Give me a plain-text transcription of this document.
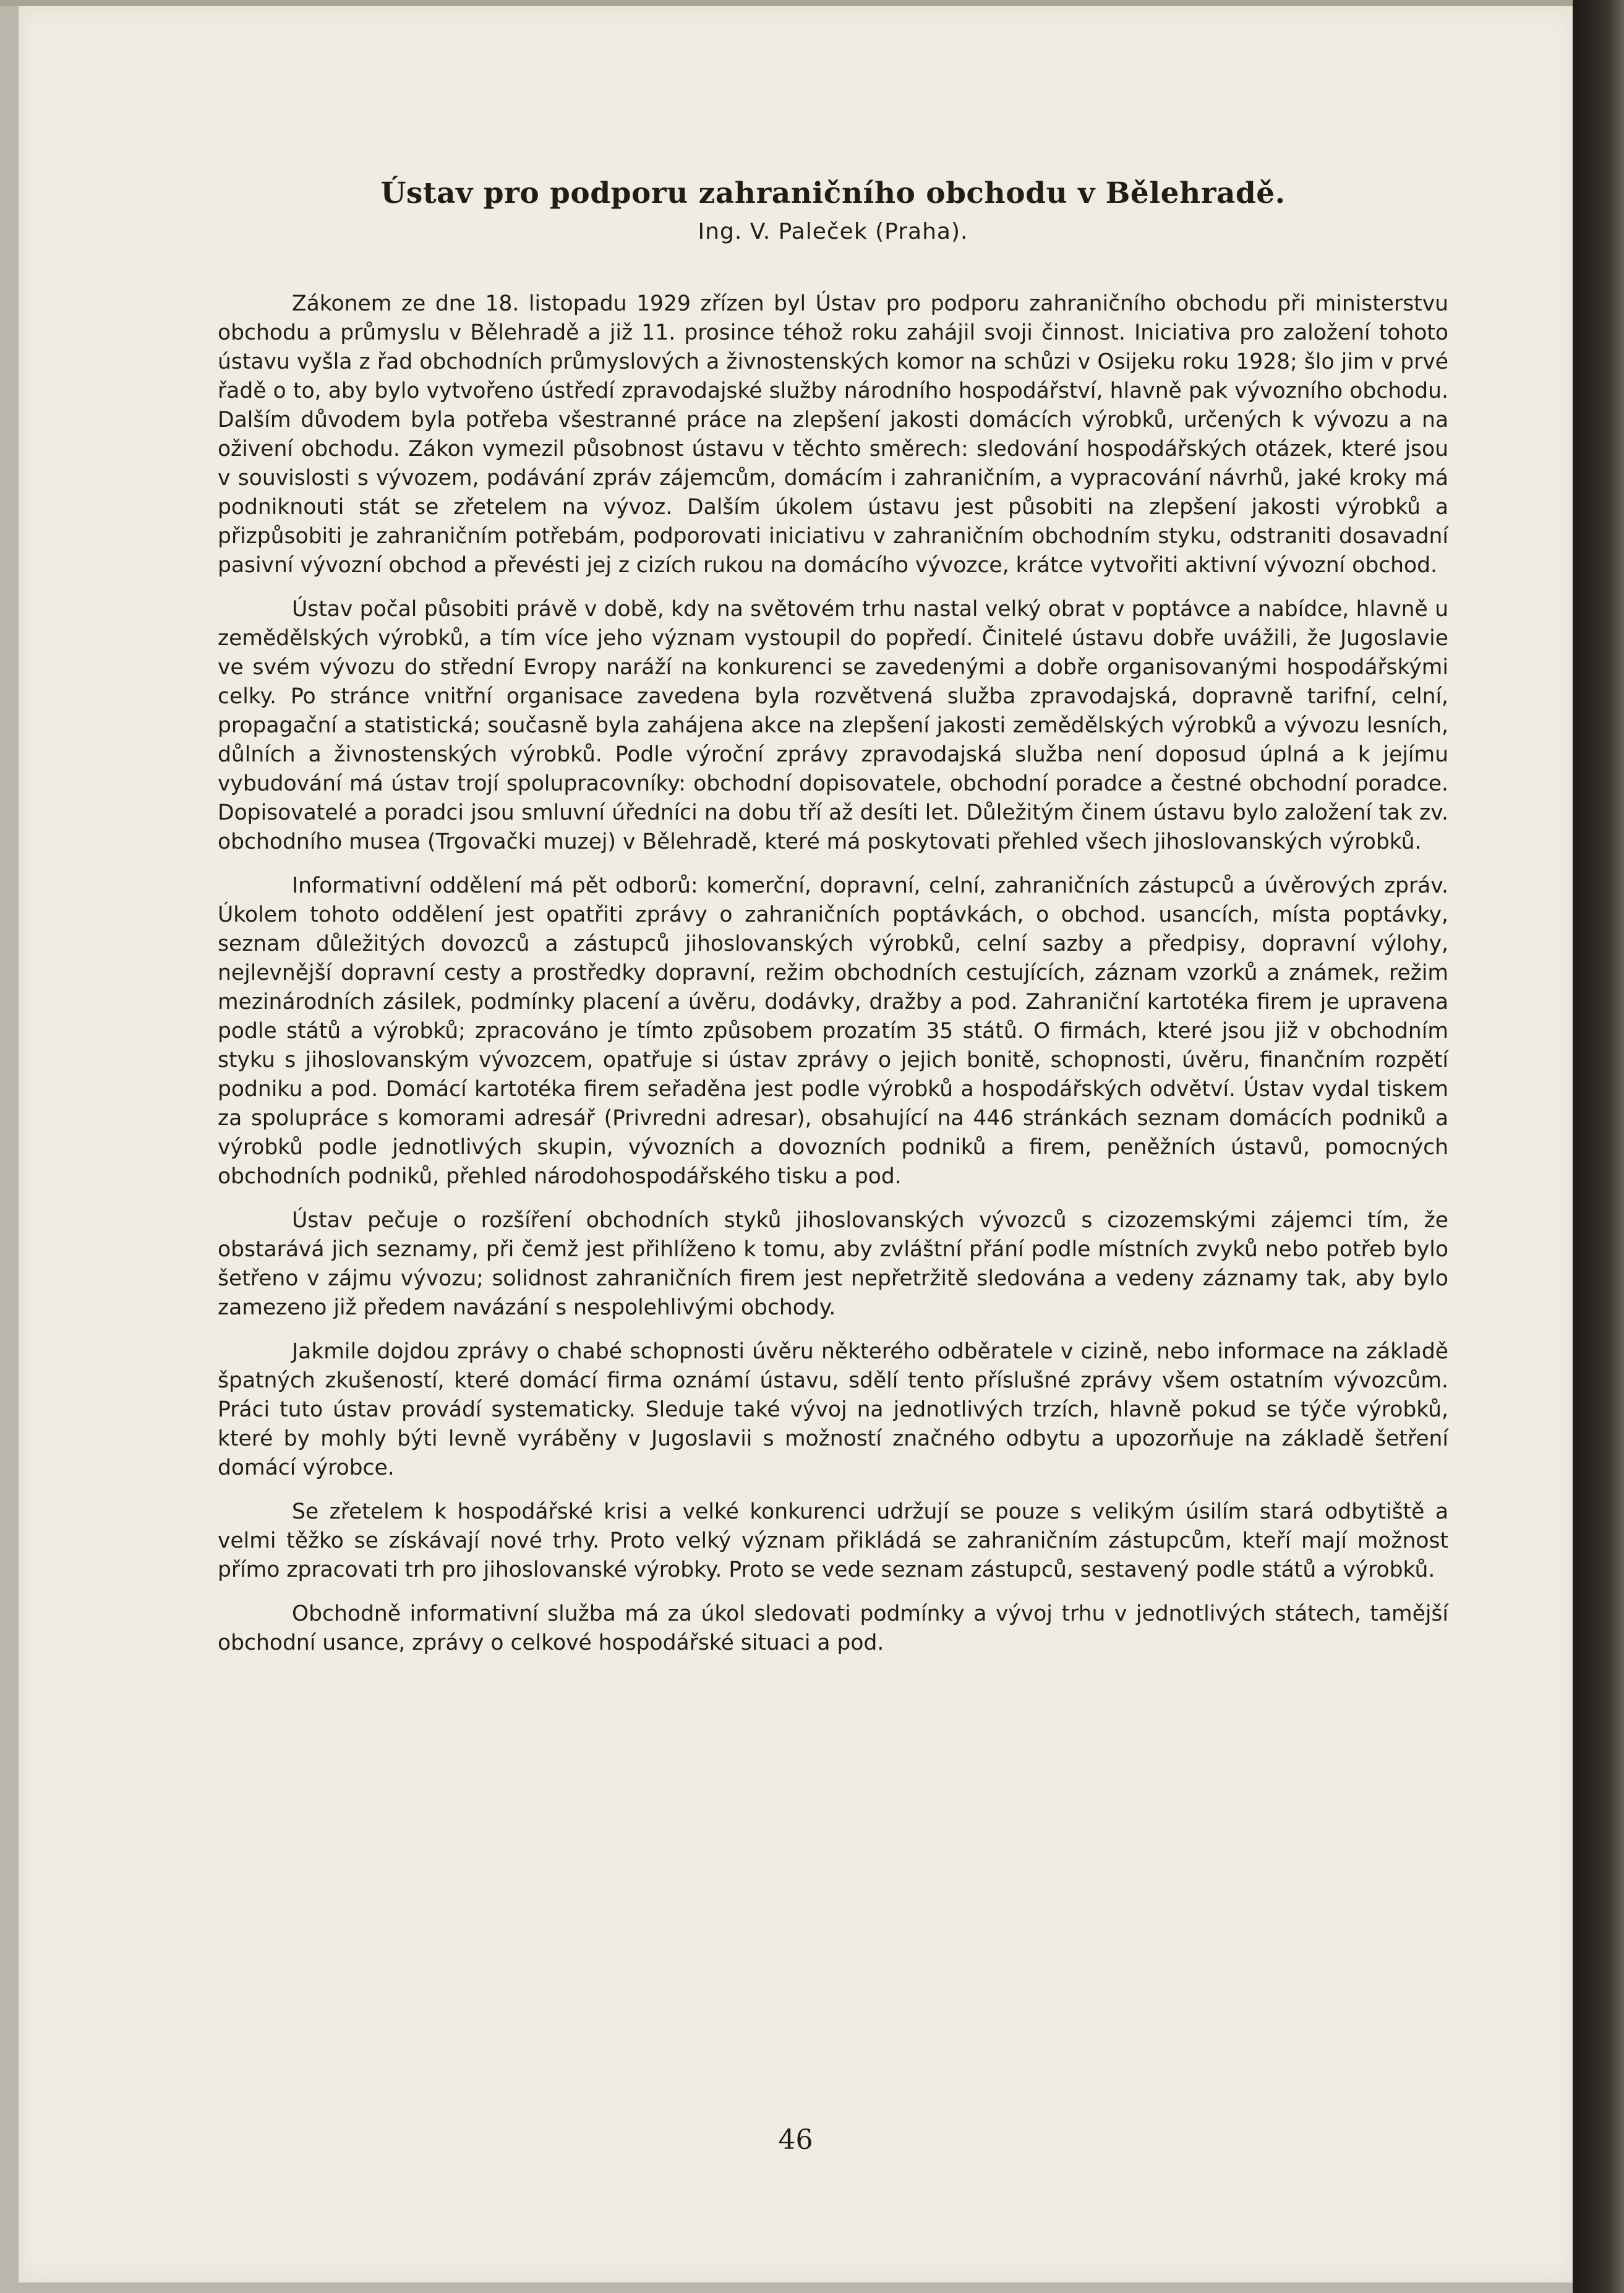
Ústav pro podporu zahraničního obchodu v Bělehradě.
Ing. V. Paleček (Praha).

Zákonem ze dne 18. listopadu 1929 zřízen byl Ústav pro podporu zahraničního obchodu při ministerstvu obchodu a průmyslu v Bělehradě a již 11. prosince téhož roku zahájil svoji činnost. Iniciativa pro založení tohoto ústavu vyšla z řad obchodních průmyslových a živnostenských komor na schůzi v Osijeku roku 1928; šlo jim v prvé řadě o to, aby bylo vytvořeno ústředí zpravodajské služby národního hospodářství, hlavně pak vývozního obchodu. Dalším důvodem byla potřeba všestranné práce na zlepšení jakosti domácích výrobků, určených k vývozu a na oživení obchodu. Zákon vymezil působnost ústavu v těchto směrech: sledování hospodářských otázek, které jsou v souvislosti s vývozem, podávání zpráv zájemcům, domácím i zahraničním, a vypracování návrhů, jaké kroky má podniknouti stát se zřetelem na vývoz. Dalším úkolem ústavu jest působiti na zlepšení jakosti výrobků a přizpůsobiti je zahraničním potřebám, podporovati iniciativu v zahraničním obchodním styku, odstraniti dosavadní pasivní vývozní obchod a převésti jej z cizích rukou na domácího vývozce, krátce vytvořiti aktivní vývozní obchod.

Ústav počal působiti právě v době, kdy na světovém trhu nastal velký obrat v poptávce a nabídce, hlavně u zemědělských výrobků, a tím více jeho význam vystoupil do popředí. Činitelé ústavu dobře uvážili, že Jugoslavie ve svém vývozu do střední Evropy naráží na konkurenci se zavedenými a dobře organisovanými hospodářskými celky. Po stránce vnitřní organisace zavedena byla rozvětvená služba zpravodajská, dopravně tarifní, celní, propagační a statistická; současně byla zahájena akce na zlepšení jakosti zemědělských výrobků a vývozu lesních, důlních a živnostenských výrobků. Podle výroční zprávy zpravodajská služba není doposud úplná a k jejímu vybudování má ústav trojí spolupracovníky: obchodní dopisovatele, obchodní poradce a čestné obchodní poradce. Dopisovatelé a poradci jsou smluvní úředníci na dobu tří až desíti let. Důležitým činem ústavu bylo založení tak zv. obchodního musea (Trgovački muzej) v Bělehradě, které má poskytovati přehled všech jihoslovanských výrobků.

Informativní oddělení má pět odborů: komerční, dopravní, celní, zahraničních zástupců a úvěrových zpráv. Úkolem tohoto oddělení jest opatřiti zprávy o zahraničních poptávkách, o obchod. usancích, místa poptávky, seznam důležitých dovozců a zástupců jihoslovanských výrobků, celní sazby a předpisy, dopravní výlohy, nejlevnější dopravní cesty a prostředky dopravní, režim obchodních cestujících, záznam vzorků a známek, režim mezinárodních zásilek, podmínky placení a úvěru, dodávky, dražby a pod. Zahraniční kartotéka firem je upravena podle států a výrobků; zpracováno je tímto způsobem prozatím 35 států. O firmách, které jsou již v obchodním styku s jihoslovanským vývozcem, opatřuje si ústav zprávy o jejich bonitě, schopnosti, úvěru, finančním rozpětí podniku a pod. Domácí kartotéka firem seřaděna jest podle výrobků a hospodářských odvětví. Ústav vydal tiskem za spolupráce s komorami adresář (Privredni adresar), obsahující na 446 stránkách seznam domácích podniků a výrobků podle jednotlivých skupin, vývozních a dovozních podniků a firem, peněžních ústavů, pomocných obchodních podniků, přehled národohospodářského tisku a pod.

Ústav pečuje o rozšíření obchodních styků jihoslovanských vývozců s cizozemskými zájemci tím, že obstarává jich seznamy, při čemž jest přihlíženo k tomu, aby zvláštní přání podle místních zvyků nebo potřeb bylo šetřeno v zájmu vývozu; solidnost zahraničních firem jest nepřetržitě sledována a vedeny záznamy tak, aby bylo zamezeno již předem navázání s nespolehlivými obchody.

Jakmile dojdou zprávy o chabé schopnosti úvěru některého odběratele v cizině, nebo informace na základě špatných zkušeností, které domácí firma oznámí ústavu, sdělí tento příslušné zprávy všem ostatním vývozcům. Práci tuto ústav provádí systematicky. Sleduje také vývoj na jednotlivých trzích, hlavně pokud se týče výrobků, které by mohly býti levně vyráběny v Jugoslavii s možností značného odbytu a upozorňuje na základě šetření domácí výrobce.

Se zřetelem k hospodářské krisi a velké konkurenci udržují se pouze s velikým úsilím stará odbytiště a velmi těžko se získávají nové trhy. Proto velký význam přikládá se zahraničním zástupcům, kteří mají možnost přímo zpracovati trh pro jihoslovanské výrobky. Proto se vede seznam zástupců, sestavený podle států a výrobků.

Obchodně informativní služba má za úkol sledovati podmínky a vývoj trhu v jednotlivých státech, tamější obchodní usance, zprávy o celkové hospodářské situaci a pod.

46
